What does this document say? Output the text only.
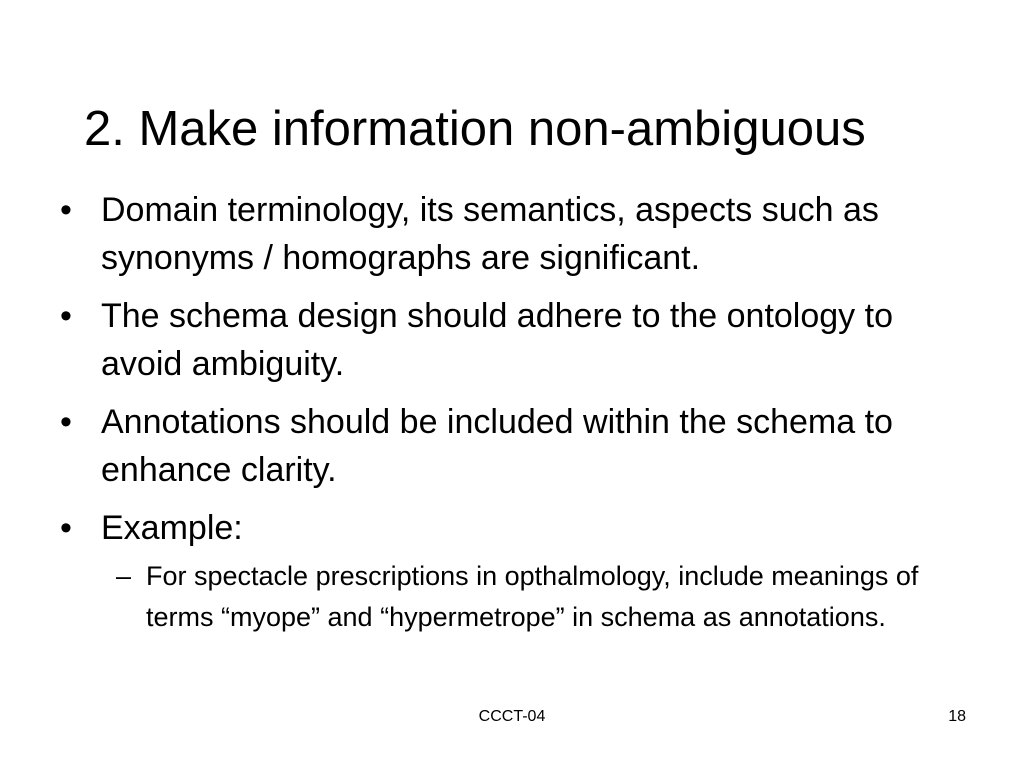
2. Make information non-ambiguous
• Domain terminology, its semantics, aspects such as synonyms / homographs are significant.
• The schema design should adhere to the ontology to avoid ambiguity.
• Annotations should be included within the schema to enhance clarity.
• Example:
– For spectacle prescriptions in opthalmology, include meanings of terms “myope” and “hypermetrope” in schema as annotations.
CCCT-04	18
